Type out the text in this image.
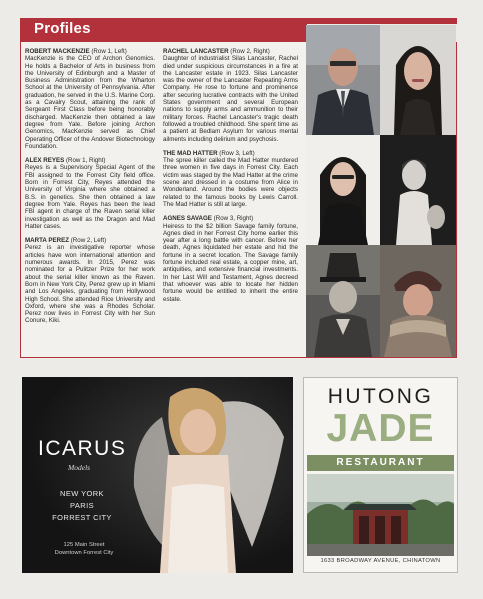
Profiles
ROBERT MACKENZIE (Row 1, Left)
MacKenzie is the CEO of Archon Genomics. He holds a Bachelor of Arts in business from the University of Edinburgh and a Master of Business Administration from the Wharton School at the University of Pennsylvania. After graduation, he served in the U.S. Marine Corp. as a Cavalry Scout, attaining the rank of Sergeant First Class before being honorably discharged. MacKenzie then obtained a law degree from Yale. Before joining Archon Genomics, MacKenzie served as Chief Operating Officer of the Andover Biotechnology Foundation.
ALEX REYES (Row 1, Right)
Reyes is a Supervisory Special Agent of the FBI assigned to the Forrest City field office. Born in Forrest City, Reyes attended the University of Virginia where she obtained a B.S. in genetics. She then obtained a law degree from Yale. Reyes has been the lead FBI agent in charge of the Raven serial killer investigation as well as the Dragon and Mad Hatter cases.
MARTA PEREZ (Row 2, Left)
Perez is an investigative reporter whose articles have won international attention and numerous awards. In 2015, Perez was nominated for a Pulitzer Prize for her work about the serial killer known as the Raven. Born in New York City, Perez grew up in Miami and Los Angeles, graduating from Hollywood High School. She attended Rice University and Oxford, where she was a Rhodes Scholar. Perez now lives in Forrest City with her Sun Conure, Kiki.
RACHEL LANCASTER (Row 2, Right)
Daughter of industrialist Silas Lancaster, Rachel died under suspicious circumstances in a fire at the Lancaster estate in 1923. Silas Lancaster was the owner of the Lancaster Repeating Arms Company. He rose to fortune and prominence after securing lucrative contracts with the United States government and several European nations to supply arms and ammunition to their military forces. Rachel Lancaster's tragic death followed a troubled childhood. She spent time as a patient at Bedlam Asylum for various mental ailments including delirium and psychosis.
THE MAD HATTER (Row 3, Left)
The spree killer called the Mad Hatter murdered three women in five days in Forrest City. Each victim was staged by the Mad Hatter at the crime scene and dressed in a costume from Alice in Wonderland. Around the bodies were objects related to the famous books by Lewis Carroll. The Mad Hatter is still at large.
AGNES SAVAGE (Row 3, Right)
Heiress to the $2 billion Savage family fortune, Agnes died in her Forrest City home earlier this year after a long battle with cancer. Before her death, Agnes liquidated her estate and hid the fortune in a secret location. The Savage family fortune included real estate, a copper mine, art, antiquities, and extensive financial investments. In her Last Will and Testament, Agnes decreed that whoever was able to locate her hidden fortune would be entitled to inherit the entire estate.
ICARUS
Models
NEW YORK
PARIS
FORREST CITY
125 Main Street
Downtown Forrest City
HUTONG
JADE
RESTAURANT
1633 BROADWAY AVENUE, CHINATOWN
